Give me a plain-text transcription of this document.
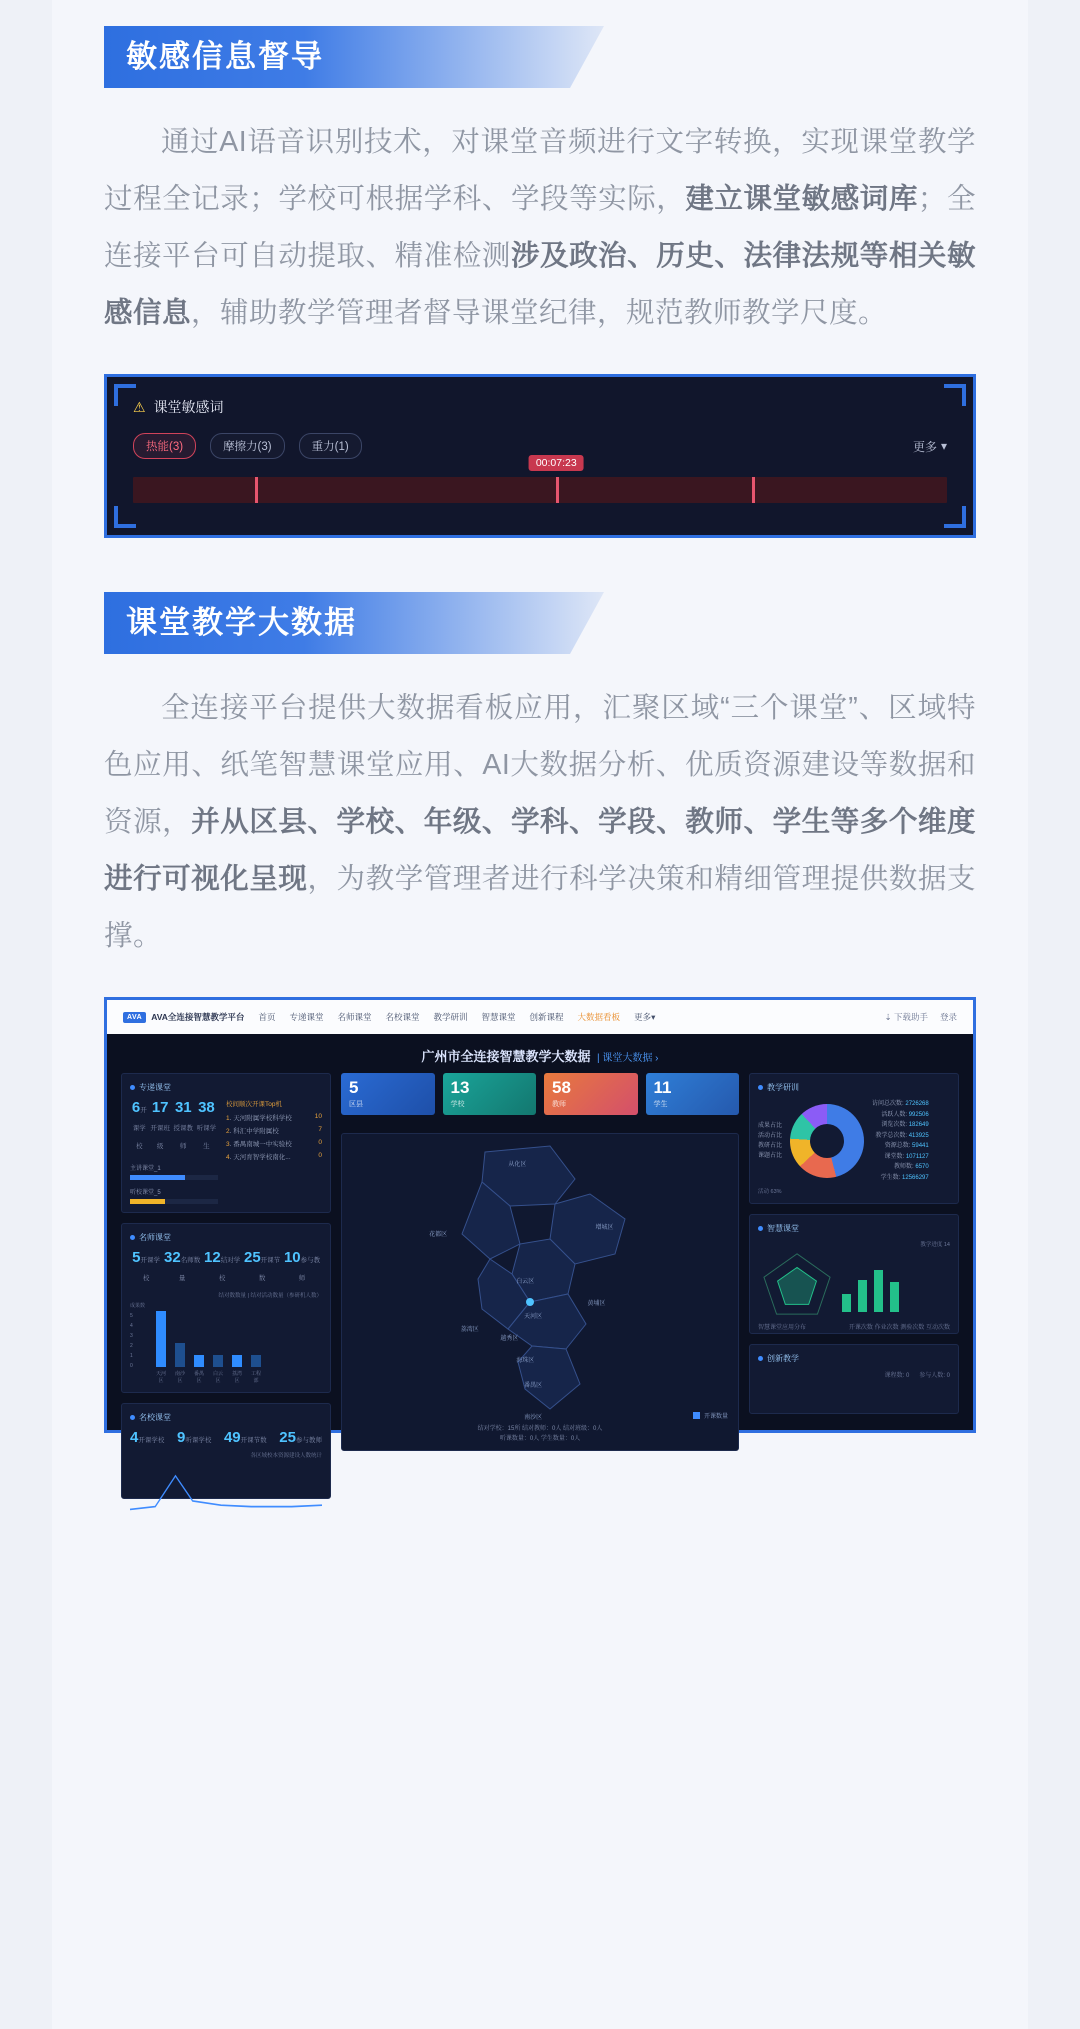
敏感信息督导
通过AI语音识别技术，对课堂音频进行文字转换，实现课堂教学过程全记录；学校可根据学科、学段等实际，建立课堂敏感词库；全连接平台可自动提取、精准检测涉及政治、历史、法律法规等相关敏感信息，辅助教学管理者督导课堂纪律，规范教师教学尺度。
⚠ 课堂敏感词
热能(3)	摩擦力(3)	重力(1)	更多 ▾
00:07:23
课堂教学大数据
全连接平台提供大数据看板应用，汇聚区域“三个课堂”、区域特色应用、纸笔智慧课堂应用、AI大数据分析、优质资源建设等数据和资源，并从区县、学校、年级、学科、学段、教师、学生等多个维度进行可视化呈现，为教学管理者进行科学决策和精细管理提供数据支撑。
AVA	AVA全连接智慧教学平台 首页 专递课堂 名师课堂 名校课堂 教学研训 智慧课堂 创新课程 大数据看板 更多▾	⇣ 下载助手 登录
广州市全连接智慧教学大数据  | 课堂大数据 ›
专递课堂
6开课学校
17开课班级
31授课教师
38听课学生
主讲课堂_1
听校课堂_5
校间顺次开课Top机
1. 天河附属学校科学校	10
2. 科汇中学附属校	7
3. 番禺南城一中实验校	0
4. 天河育智学校南化...	0
名师课堂
5开课学校
32名师数量
12结对学校
25开课节数
10参与教师
结对数数量 | 结对活动数量（参研机人数）
成果数
5
4
3
2
1
0
天河区
南沙区
番禺区
白云区
荔湾区
工程部
名校课堂
4开课学校 9听课学校 49开课节数 25参与教师
各区域校本资源建设人数统计
5
区县
13
学校
58
教师
11
学生
从化区
花都区
增城区
白云区
黄埔区
天河区
荔湾区
越秀区
海珠区
番禺区
南沙区	开课数量
结对学校：15所 结对教师：0人 结对班级：0人
听课数量：0人 学生数量：0人
教学研训
成果占比
活动占比
教研占比
课题占比
访问总次数: 2726268
活跃人数: 992506
浏览次数: 182649
教学总次数: 413925
资源总数: 59441
课堂数: 1071127
教师数: 6570
学生数: 12566297
活动 63%
智慧课堂
教学进度 14
智慧课堂应用分布	开课次数 作业次数 测验次数 互动次数
创新教学
课程数: 0 参与人数: 0
